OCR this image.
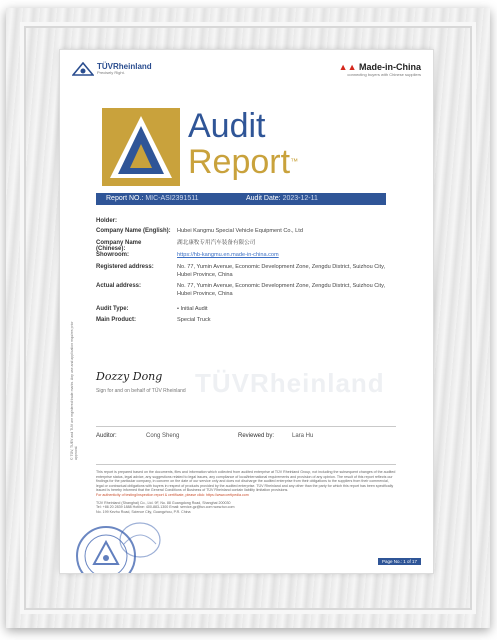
TÜVRheinland
Precisely Right.
▲▲ Made-in-China
connecting buyers with Chinese suppliers
Audit
Report™
Report NO.: MIC-ASI2391511	Audit Date: 2023-12-11
Holder:
Company Name (English): Hubei Kangmu Special Vehicle Equipment Co., Ltd
Company Name (Chinese):
湖北康牧专用汽车装备有限公司
Showroom:	https://hb-kangmu.en.made-in-china.com
Registered address:	No. 77, Yumin Avenue, Economic Development Zone, Zengdu District, Suizhou City, Hubei Province, China
Actual address:	No. 77, Yumin Avenue, Economic Development Zone, Zengdu District, Suizhou City, Hubei Province, China
Audit Type:	• Initial Audit
Main Product:	Special Truck
TÜVRheinland
Dozzy Dong
Sign for and on behalf of TÜV Rheinland
Auditor:	Cong Sheng	Reviewed by:	Lara Hu
This report is prepared based on the documents, files and information which collected from audited enterprise at TÜV Rheinland Group, not including the subsequent changes of the audited enterprise status, legal advice, any suggestions related to legal issues, any compliance of local/international requirements and provision of any opinion. The result of this report reflects our findings for the particular company, in concern on the date of our service only and does not discharge the audited enterprise from their obligations to the suppliers from their commercial, legal or contractual obligations with buyers in respect of products provided by the audited enterprise. TÜV Rheinland and any other than the party for which this report has been specifically issued is hereby informed that the General Conditions of Business of TÜV Rheinland contain liability limitation provisions.
For authenticity of testing/inspection report & certificate, please click: https://www.certipedia.com
TÜV Rheinland (Shanghai) Co., Ltd. 9F, No. 88 Guangdong Road, Shanghai 200030
Tel: +86 20 2839 1888 Hotline: 400-883-1300 Email: service-gz@tuv.com www.tuv.com
No. 199 Kezhu Road, Science City, Guangzhou, P.R. China
Page No.: 1 of 17
© TÜV, TUEV and TUV are registered trade marks. Any use and application requires prior approval.
